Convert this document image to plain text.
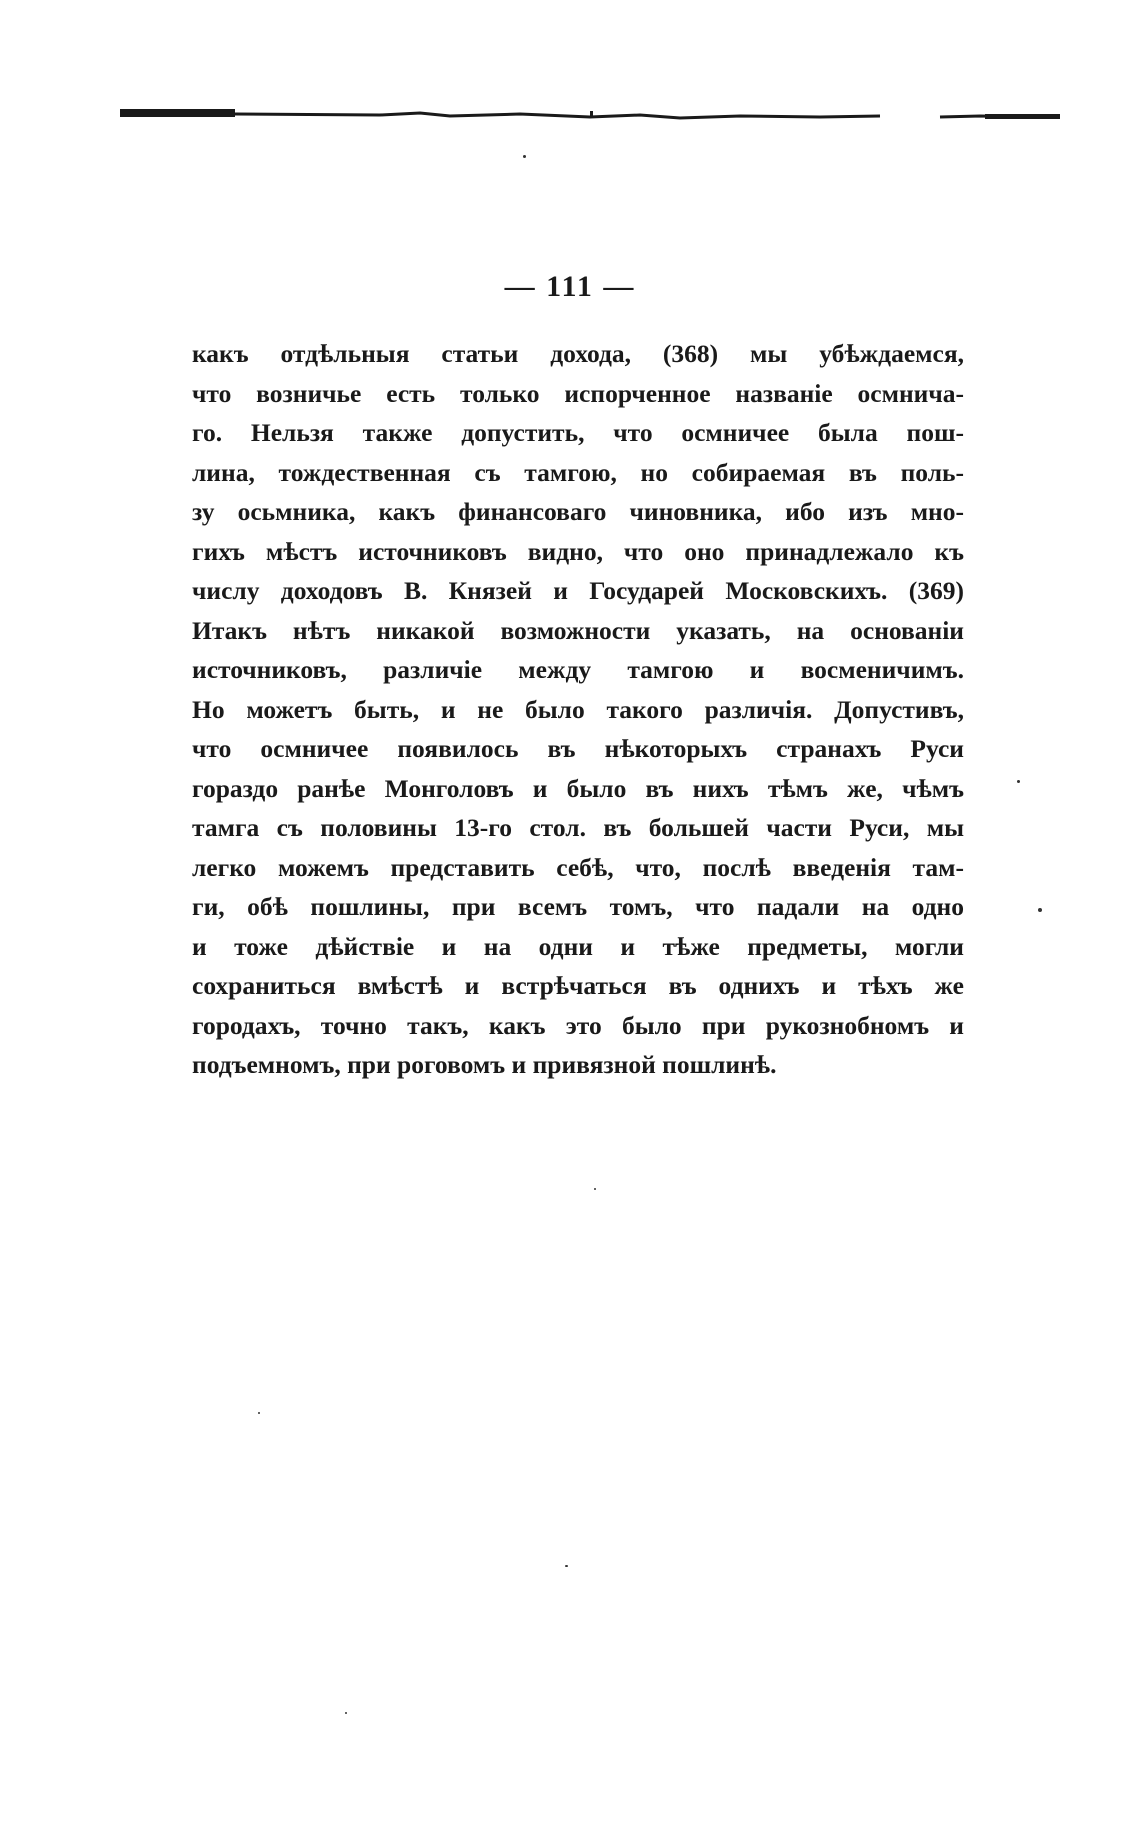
— 111 —
какъ отдѣльныя статьи дохода, (368) мы убѣждаемся,
что возничье есть только испорченное названіе осмнича-
го. Нельзя также допустить, что осмничее была пош-
лина, тождественная съ тамгою, но собираемая въ поль-
зу осьмника, какъ финансоваго чиновника, ибо изъ мно-
гихъ мѣстъ источниковъ видно, что оно принадлежало къ
числу доходовъ В. Князей и Государей Московскихъ. (369)
Итакъ нѣтъ никакой возможности указать, на основаніи
источниковъ, различіе между тамгою и восменичимъ.
Но можетъ быть, и не было такого различія. Допустивъ,
что осмничее появилось въ нѣкоторыхъ странахъ Руси
гораздо ранѣе Монголовъ и было въ нихъ тѣмъ же, чѣмъ
тамга съ половины 13-го стол. въ большей части Руси, мы
легко можемъ представить себѣ, что, послѣ введенія там-
ги, обѣ пошлины, при всемъ томъ, что падали на одно
и тоже дѣйствіе и на одни и тѣже предметы, могли
сохраниться вмѣстѣ и встрѣчаться въ однихъ и тѣхъ же
городахъ, точно такъ, какъ это было при рукознобномъ и
подъемномъ, при роговомъ и привязной пошлинѣ.
